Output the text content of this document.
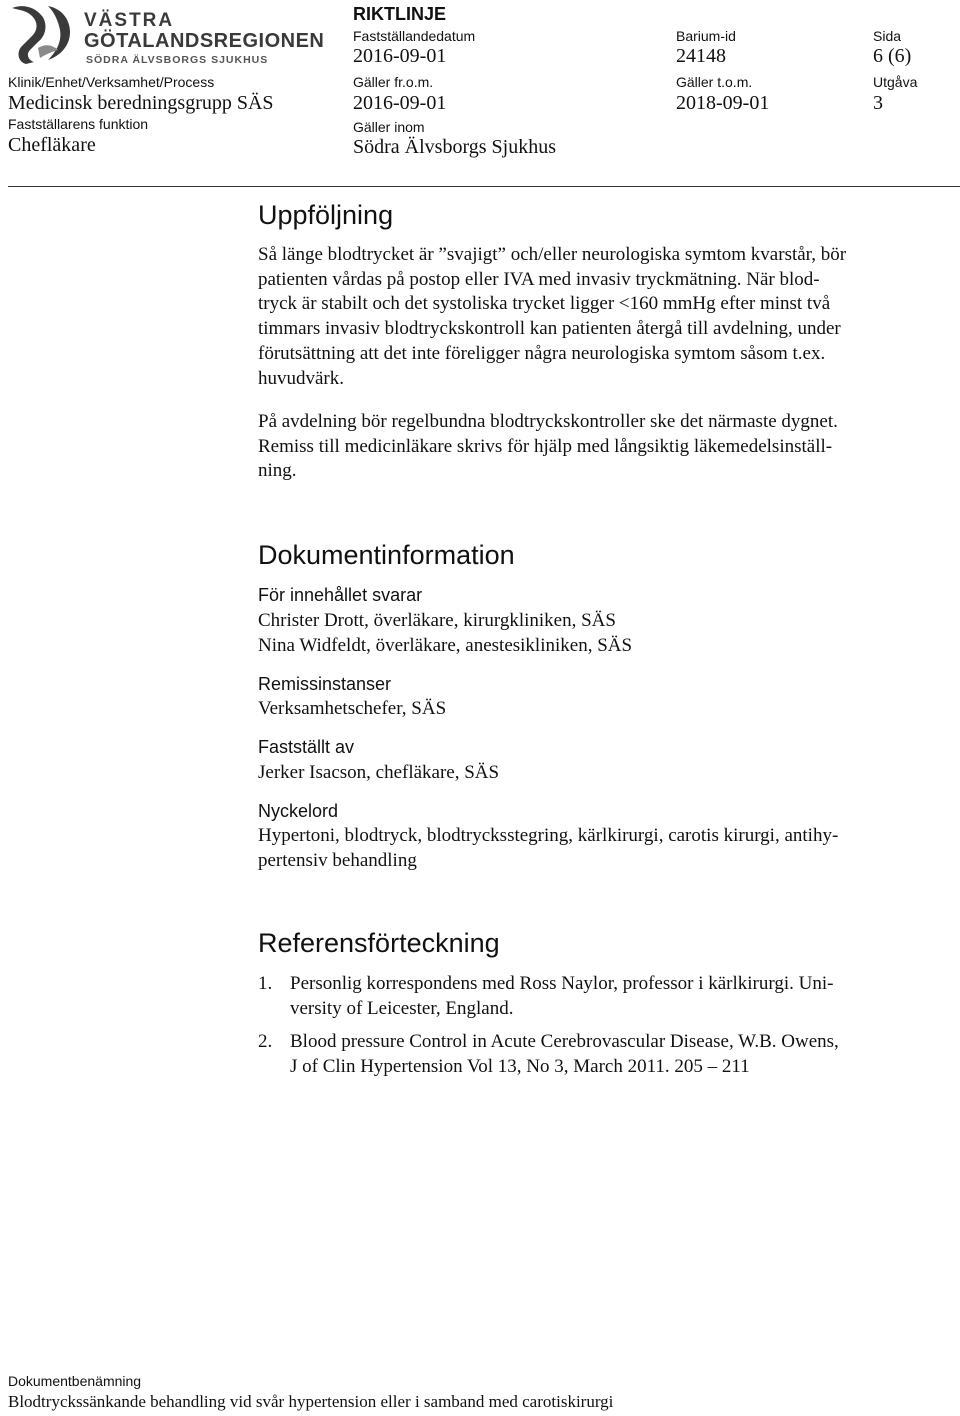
VÄSTRA
GÖTALANDSREGIONEN
SÖDRA ÄLVSBORGS SJUKHUS
RIKTLINJE
Klinik/Enhet/Verksamhet/Process
Medicinsk beredningsgrupp SÄS
Fastställarens funktion
Chefläkare
Fastställandedatum
2016-09-01
Gäller fr.o.m.
2016-09-01
Gäller inom
Södra Älvsborgs Sjukhus
Barium-id
24148
Gäller t.o.m.
2018-09-01
Sida
6 (6)
Utgåva
3
Uppföljning
Så länge blodtrycket är ”svajigt” och/eller neurologiska symtom kvarstår, bör
patienten vårdas på postop eller IVA med invasiv tryckmätning. När blod-
tryck är stabilt och det systoliska trycket ligger <160 mmHg efter minst två
timmars invasiv blodtryckskontroll kan patienten återgå till avdelning, under
förutsättning att det inte föreligger några neurologiska symtom såsom t.ex.
huvudvärk.
På avdelning bör regelbundna blodtryckskontroller ske det närmaste dygnet.
Remiss till medicinläkare skrivs för hjälp med långsiktig läkemedelsinställ-
ning.
Dokumentinformation
För innehållet svarar
Christer Drott, överläkare, kirurgkliniken, SÄS
Nina Widfeldt, överläkare, anestesikliniken, SÄS
Remissinstanser
Verksamhetschefer, SÄS
Fastställt av
Jerker Isacson, chefläkare, SÄS
Nyckelord
Hypertoni, blodtryck, blodtrycksstegring, kärlkirurgi, carotis kirurgi, antihy-
pertensiv behandling
Referensförteckning
1. Personlig korrespondens med Ross Naylor, professor i kärlkirurgi. Uni-
versity of Leicester, England.
2. Blood pressure Control in Acute Cerebrovascular Disease, W.B. Owens,
J of Clin Hypertension Vol 13, No 3, March 2011. 205 – 211
Dokumentbenämning
Blodtryckssänkande behandling vid svår hypertension eller i samband med carotiskirurgi
